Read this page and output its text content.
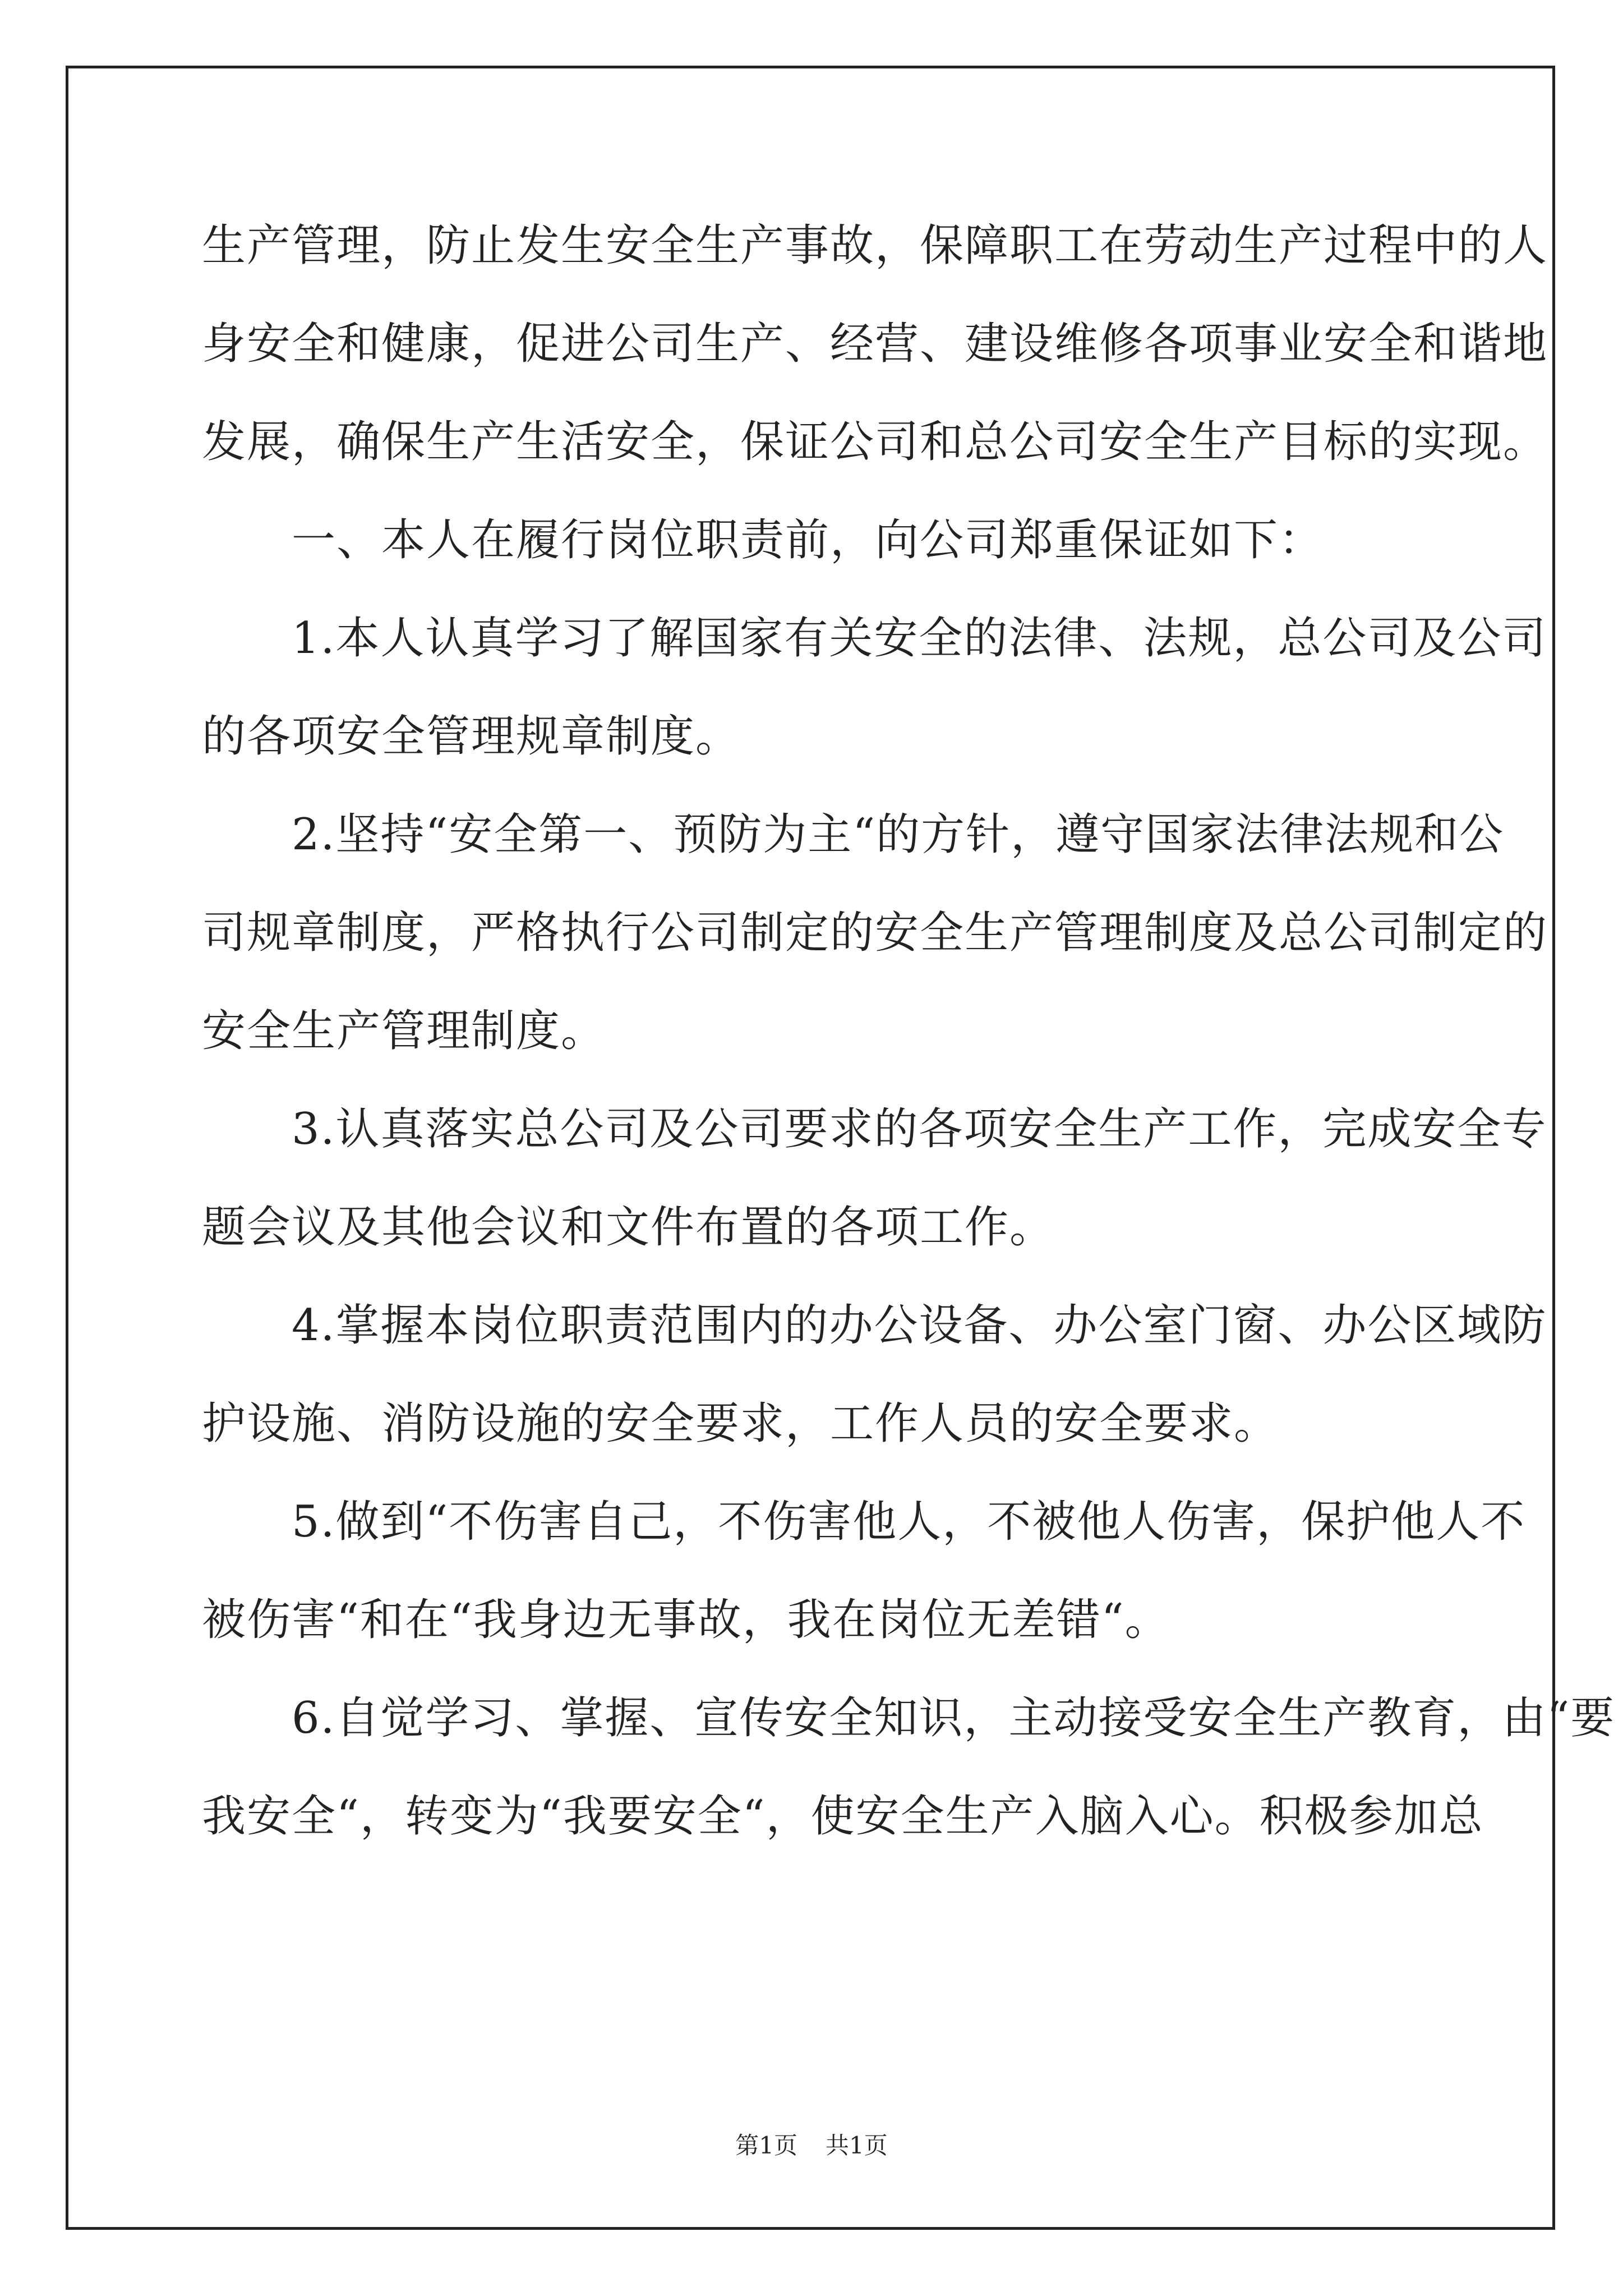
生产管理，防止发生安全生产事故，保障职工在劳动生产过程中的人
身安全和健康，促进公司生产、经营、建设维修各项事业安全和谐地
发展，确保生产生活安全，保证公司和总公司安全生产目标的实现。
一、本人在履行岗位职责前，向公司郑重保证如下：
1.本人认真学习了解国家有关安全的法律、法规，总公司及公司
的各项安全管理规章制度。
2.坚持“安全第一、预防为主“的方针，遵守国家法律法规和公
司规章制度，严格执行公司制定的安全生产管理制度及总公司制定的
安全生产管理制度。
3.认真落实总公司及公司要求的各项安全生产工作，完成安全专
题会议及其他会议和文件布置的各项工作。
4.掌握本岗位职责范围内的办公设备、办公室门窗、办公区域防
护设施、消防设施的安全要求，工作人员的安全要求。
5.做到“不伤害自己，不伤害他人，不被他人伤害，保护他人不
被伤害“和在“我身边无事故，我在岗位无差错“。
6.自觉学习、掌握、宣传安全知识，主动接受安全生产教育，由“要
我安全“，转变为“我要安全“，使安全生产入脑入心。积极参加总
第1页 共1页
